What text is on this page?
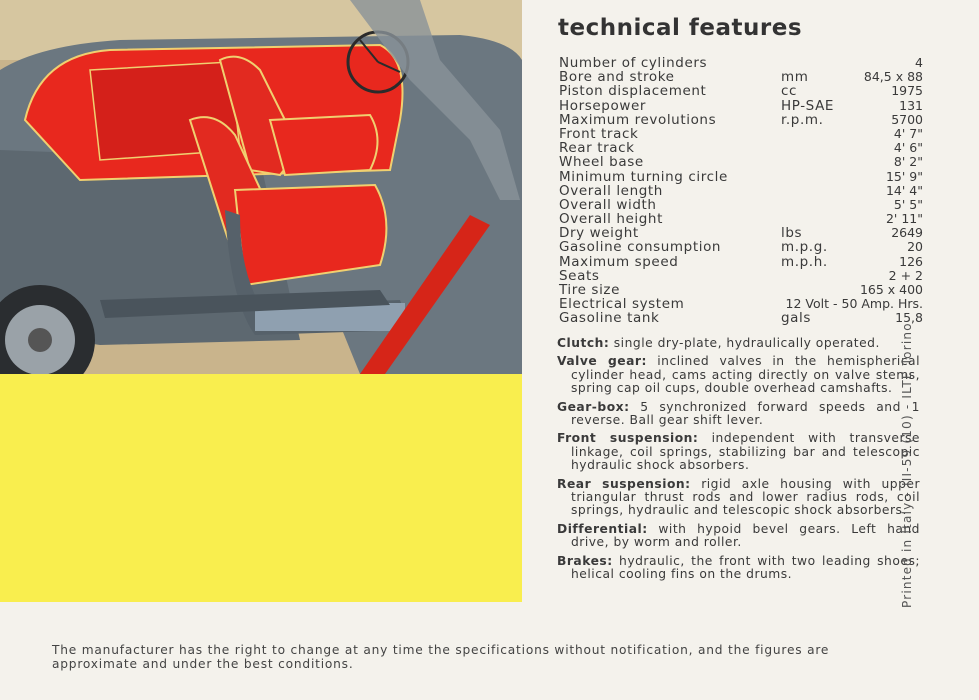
technical features
Number of cylinders	4
Bore and stroke	mm	84,5 x 88
Piston displacement	cc	1975
Horsepower	HP-SAE	131
Maximum revolutions	r.p.m.	5700
Front track	4' 7"
Rear track	4' 6"
Wheel base	8' 2"
Minimum turning circle	15' 9"
Overall length	14' 4"
Overall width	5' 5"
Overall height	2' 11"
Dry weight	lbs	2649
Gasoline consumption	m.p.g.	20
Maximum speed	m.p.h.	126
Seats	2 + 2
Tire size	165 x 400
Electrical system	12 Volt - 50 Amp. Hrs.
Gasoline tank	gals	15,8

Clutch: single dry-plate, hydraulically operated.

Valve gear: inclined valves in the hemispherical cylinder head, cams acting directly on valve stems, spring cap oil cups, double overhead camshafts.

Gear-box: 5 synchronized forward speeds and 1 reverse. Ball gear shift lever.

Front suspension: independent with transverse linkage, coil springs, stabilizing bar and telescopic hydraulic shock absorbers.

Rear suspension: rigid axle housing with upper triangular thrust rods and lower radius rods, coil springs, hydraulic and telescopic shock absorbers.

Differential: with hypoid bevel gears. Left hand drive, by worm and roller.

Brakes: hydraulic, the front with two leading shoes; helical cooling fins on the drums.

The manufacturer has the right to change at any time the specifications without notification, and the figures are approximate and under the best conditions.
Printed in Italy - III-59 (10) - ILTE Torino
